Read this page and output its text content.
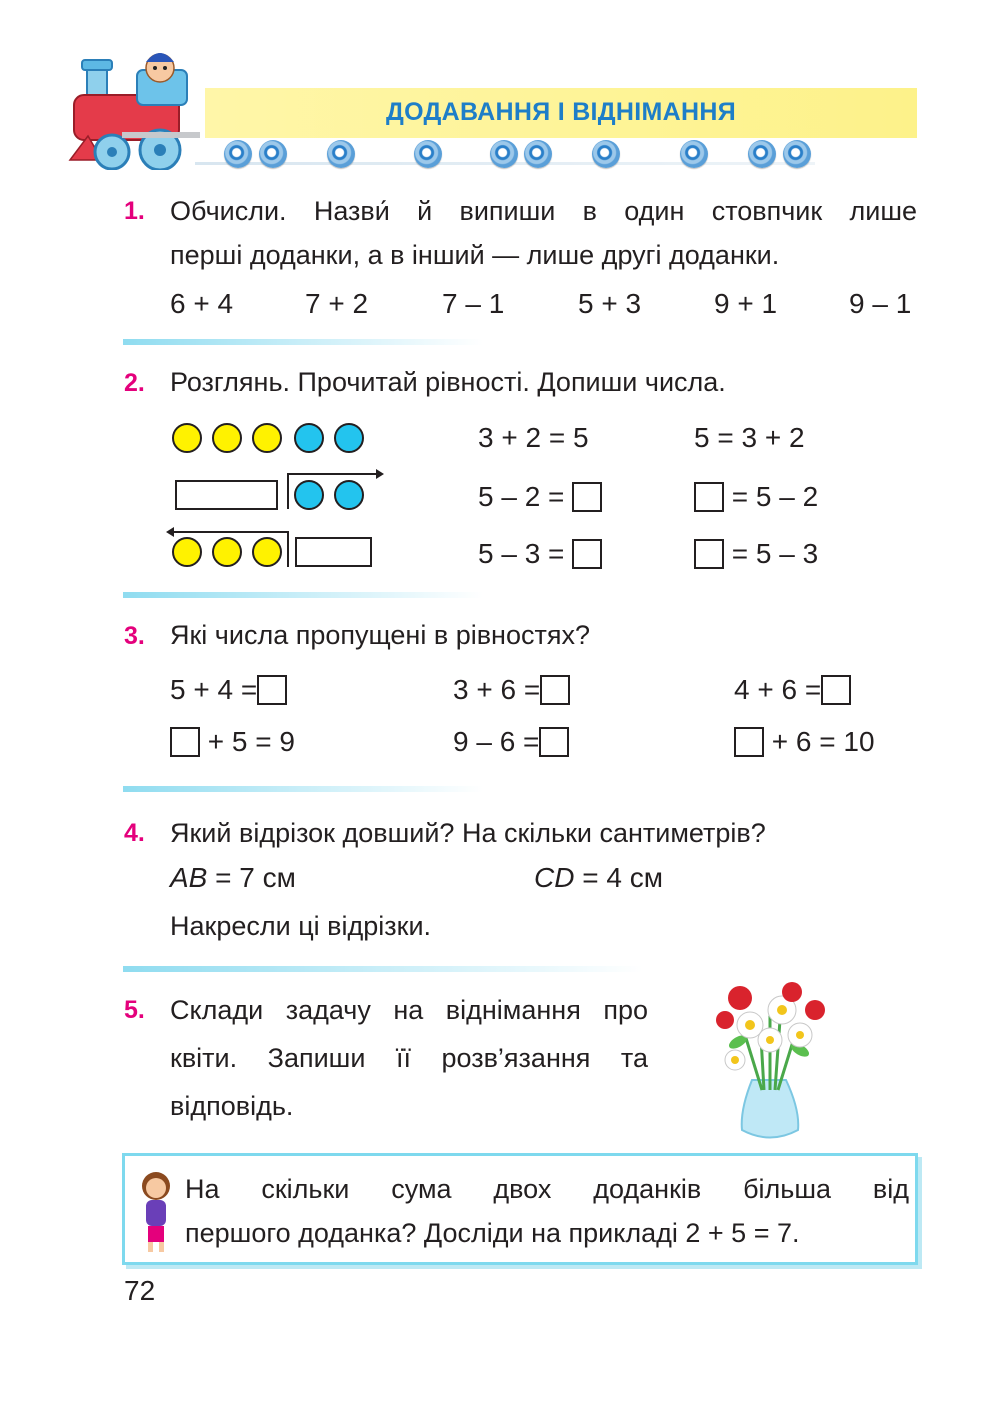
ДОДАВАННЯ І ВІДНІМАННЯ
1. Обчисли. Назви́ й випиши в один стовпчик лише
перші доданки, а в інший — лише другі доданки.
6 + 4	7 + 2	7 – 1	5 + 3	9 + 1	9 – 1
2. Розглянь. Прочитай рівності. Допиши числа.
3 + 2 = 5	5 = 3 + 2
5 – 2 =	= 5 – 2
5 – 3 =	= 5 – 3
3. Які числа пропущені в рівностях?
5 + 4 =	3 + 6 =	4 + 6 =
+ 5 = 9	9 – 6 =	+ 6 = 10
4. Який відрізок довший? На скільки сантиметрів?
AB = 7 см	CD = 4 см
Накресли ці відрізки.
5. Склади задачу на віднімання про
квіти. Запиши її розв’язання та
відповідь.
На скільки сума двох доданків більша від
першого доданка? Досліди на прикладі 2 + 5 = 7.
72
